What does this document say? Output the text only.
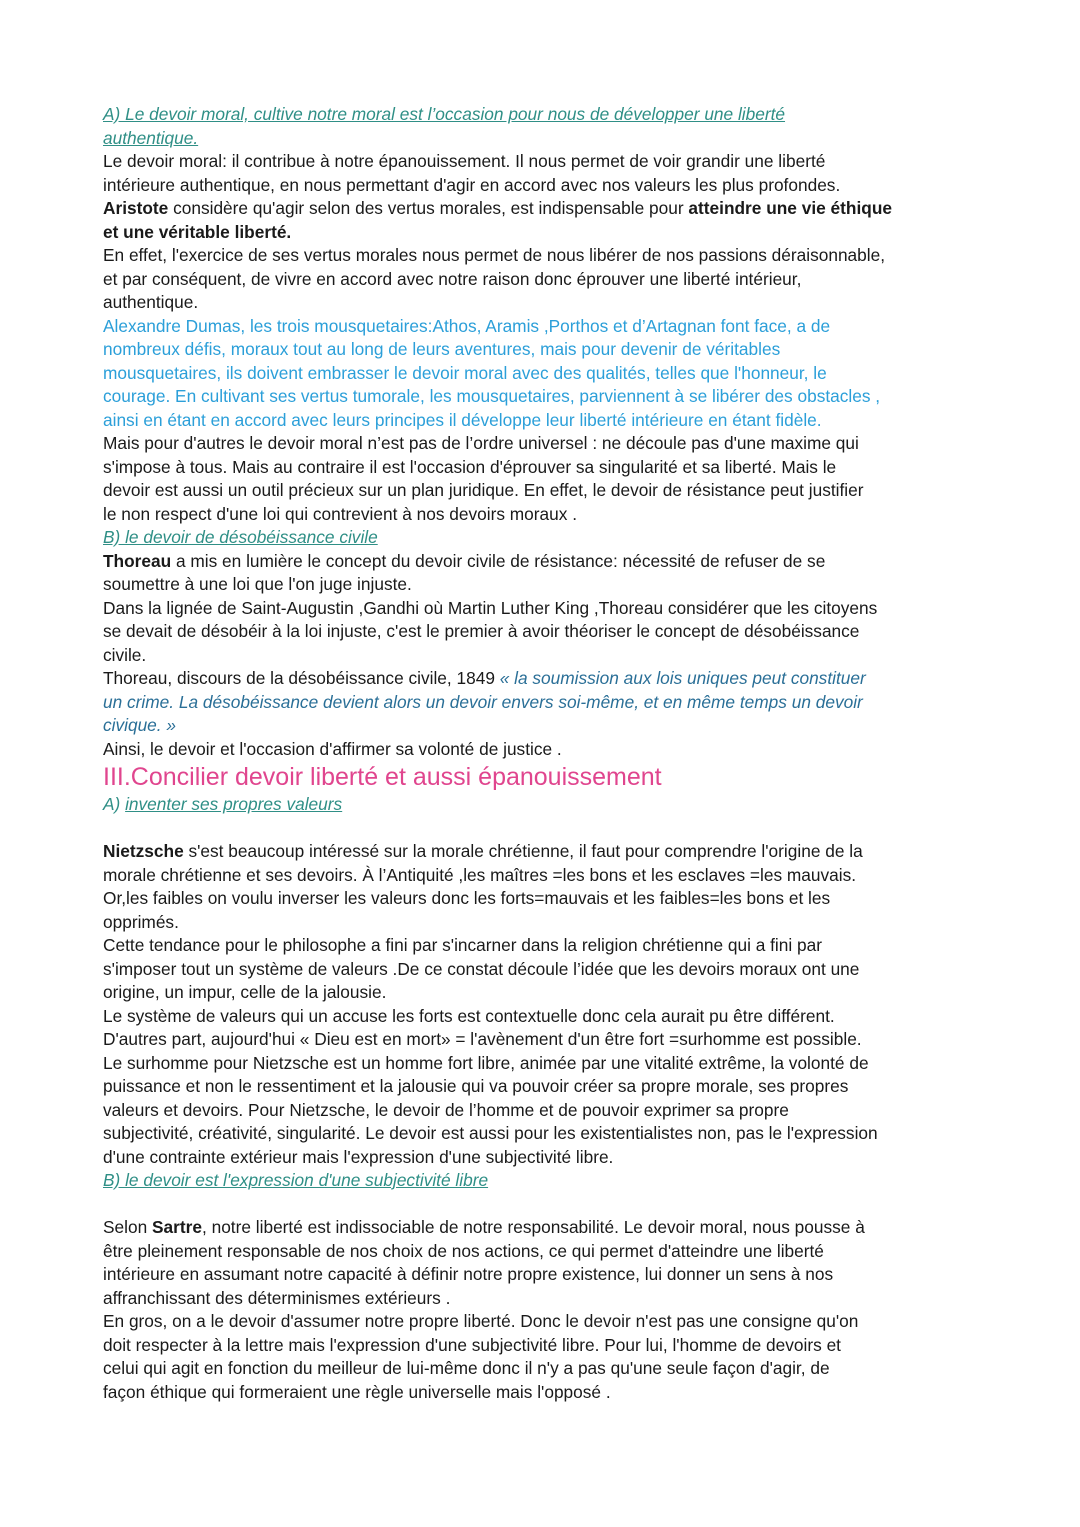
A) Le devoir moral, cultive notre moral est l’occasion pour nous de développer une liberté
authentique.
Le devoir moral: il contribue à notre épanouissement. Il nous permet de voir grandir une liberté
intérieure authentique, en nous permettant d'agir en accord avec nos valeurs les plus profondes.
Aristote considère qu'agir selon des vertus morales, est indispensable pour atteindre une vie éthique
et une véritable liberté.
En effet, l'exercice de ses vertus morales nous permet de nous libérer de nos passions déraisonnable,
et par conséquent, de vivre en accord avec notre raison donc éprouver une liberté intérieur,
authentique.
Alexandre Dumas, les trois mousquetaires:Athos, Aramis ,Porthos et d’Artagnan font face, a de
nombreux défis, moraux tout au long de leurs aventures, mais pour devenir de véritables
mousquetaires, ils doivent embrasser le devoir moral avec des qualités, telles que l'honneur, le
courage. En cultivant ses vertus tumorale, les mousquetaires, parviennent à se libérer des obstacles ,
ainsi en étant en accord avec leurs principes il développe leur liberté intérieure en étant fidèle.
Mais pour d'autres le devoir moral n’est pas de l’ordre universel : ne découle pas d'une maxime qui
s'impose à tous. Mais au contraire il est l'occasion d'éprouver sa singularité et sa liberté. Mais le
devoir est aussi un outil précieux sur un plan juridique. En effet, le devoir de résistance peut justifier
le non respect d'une loi qui contrevient à nos devoirs moraux .
B) le devoir de désobéissance civile
Thoreau a mis en lumière le concept du devoir civile de résistance: nécessité de refuser de se
soumettre à une loi que l'on juge injuste.
Dans la lignée de Saint-Augustin ,Gandhi où Martin Luther King ,Thoreau considérer que les citoyens
se devait de désobéir à la loi injuste, c'est le premier à avoir théoriser le concept de désobéissance
civile.
Thoreau, discours de la désobéissance civile, 1849 « la soumission aux lois uniques peut constituer
un crime. La désobéissance devient alors un devoir envers soi-même, et en même temps un devoir
civique. »
Ainsi, le devoir et l'occasion d'affirmer sa volonté de justice .
III.Concilier devoir liberté et aussi épanouissement
A) inventer ses propres valeurs
Nietzsche s'est beaucoup intéressé sur la morale chrétienne, il faut pour comprendre l'origine de la
morale chrétienne et ses devoirs. À l’Antiquité ,les maîtres =les bons et les esclaves =les mauvais.
Or,les faibles on voulu inverser les valeurs donc les forts=mauvais et les faibles=les bons et les
opprimés.
Cette tendance pour le philosophe a fini par s'incarner dans la religion chrétienne qui a fini par
s'imposer tout un système de valeurs .De ce constat découle l’idée que les devoirs moraux ont une
origine, un impur, celle de la jalousie.
Le système de valeurs qui un accuse les forts est contextuelle donc cela aurait pu être différent.
D'autres part, aujourd'hui « Dieu est en mort» = l'avènement d'un être fort =surhomme est possible.
Le surhomme pour Nietzsche est un homme fort libre, animée par une vitalité extrême, la volonté de
puissance et non le ressentiment et la jalousie qui va pouvoir créer sa propre morale, ses propres
valeurs et devoirs. Pour Nietzsche, le devoir de l’homme et de pouvoir exprimer sa propre
subjectivité, créativité, singularité. Le devoir est aussi pour les existentialistes non, pas le l'expression
d'une contrainte extérieur mais l'expression d'une subjectivité libre.
B) le devoir est l'expression d'une subjectivité libre
Selon Sartre, notre liberté est indissociable de notre responsabilité. Le devoir moral, nous pousse à
être pleinement responsable de nos choix de nos actions, ce qui permet d'atteindre une liberté
intérieure en assumant notre capacité à définir notre propre existence, lui donner un sens à nos
affranchissant des déterminismes extérieurs .
En gros, on a le devoir d'assumer notre propre liberté. Donc le devoir n'est pas une consigne qu'on
doit respecter à la lettre mais l'expression d'une subjectivité libre. Pour lui, l'homme de devoirs et
celui qui agit en fonction du meilleur de lui-même donc il n'y a pas qu'une seule façon d'agir, de
façon éthique qui formeraient une règle universelle mais l'opposé .
